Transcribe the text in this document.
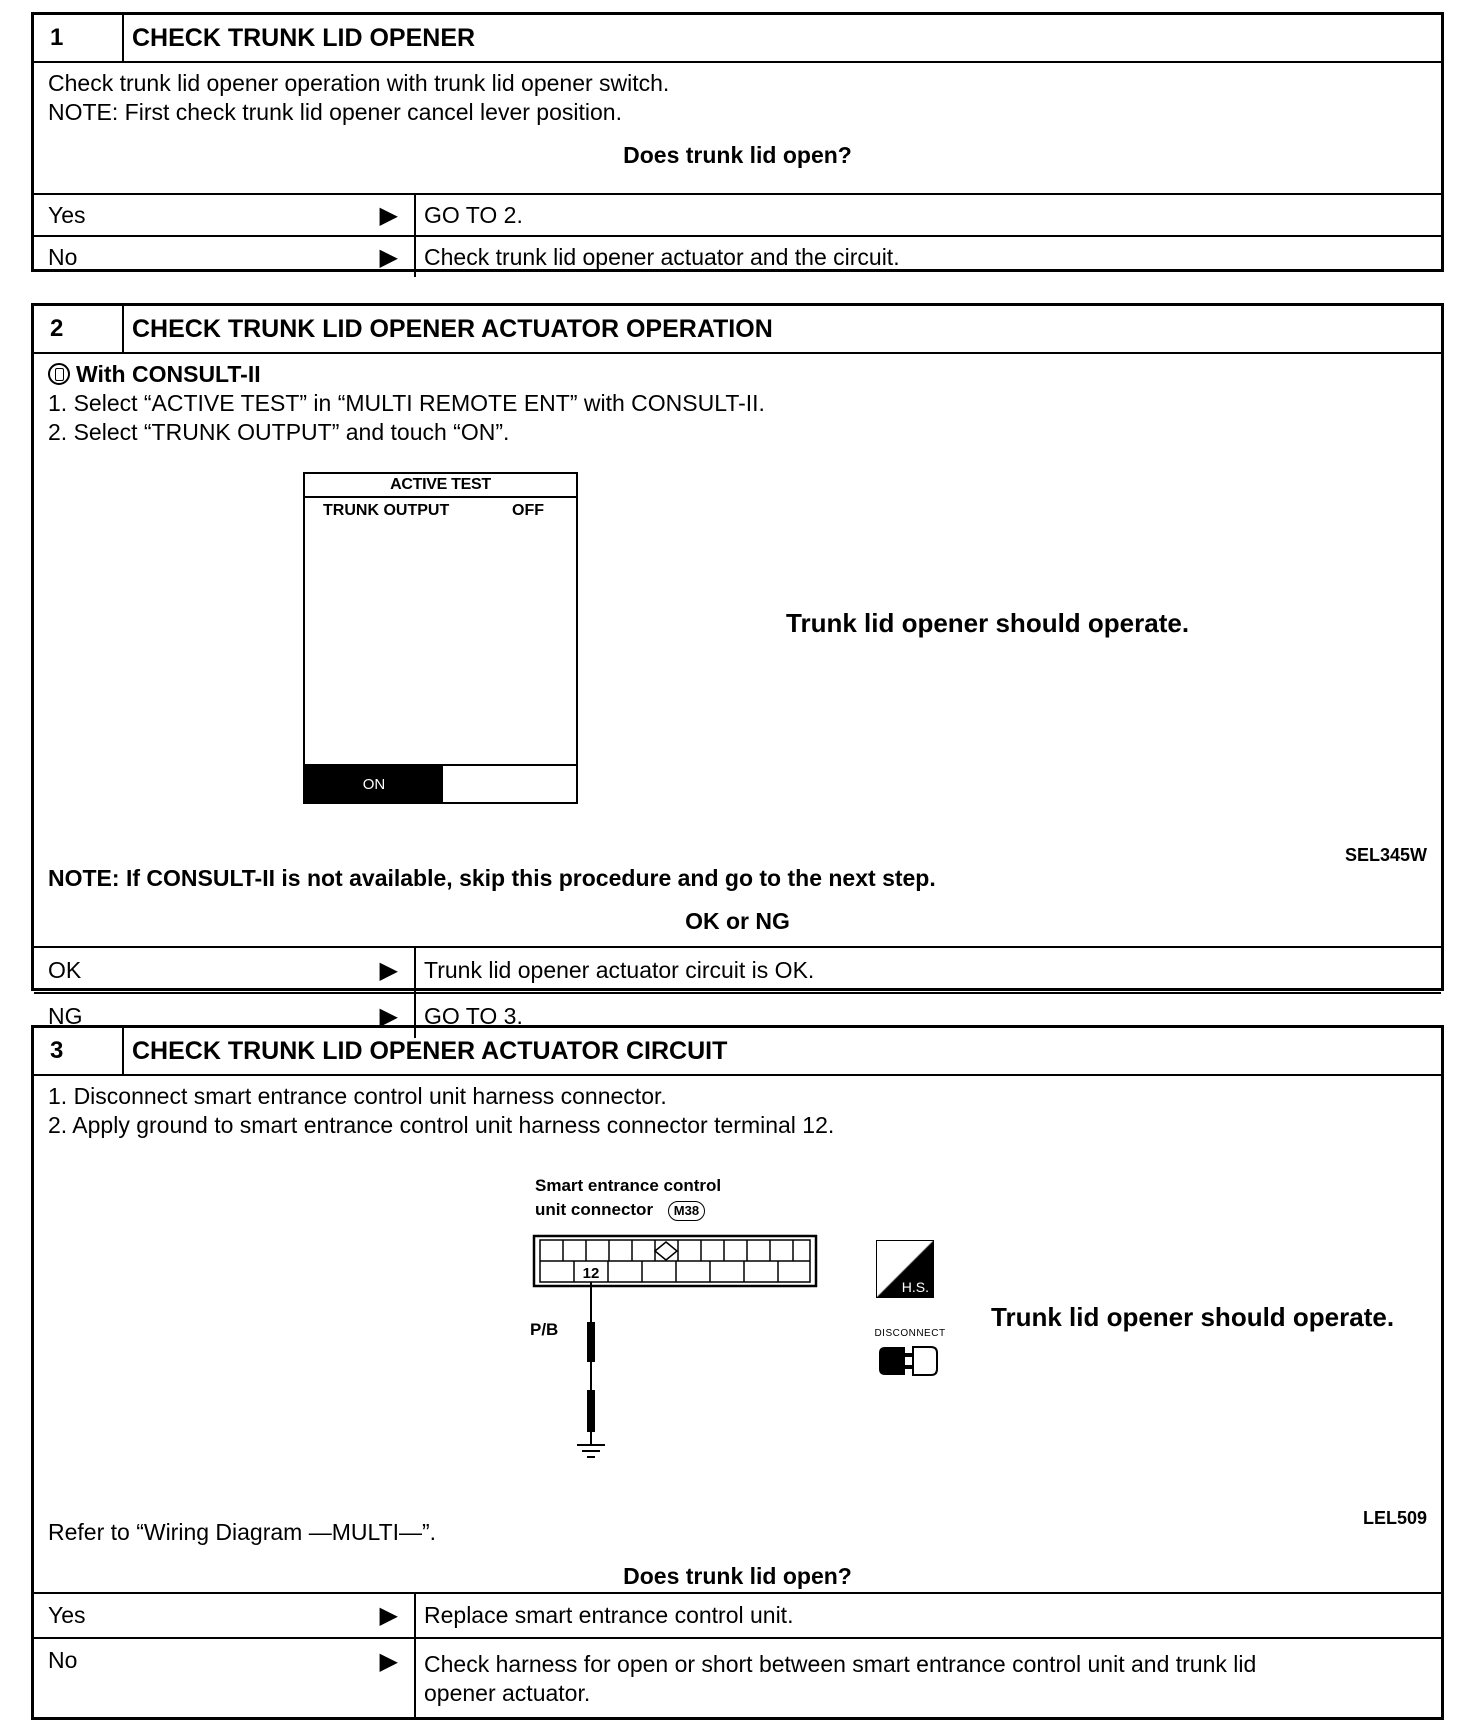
1	CHECK TRUNK LID OPENER
Check trunk lid opener operation with trunk lid opener switch.
NOTE: First check trunk lid opener cancel lever position.
Does trunk lid open?
Yes	▶	GO TO 2.
No	▶	Check trunk lid opener actuator and the circuit.
2	CHECK TRUNK LID OPENER ACTUATOR OPERATION
With CONSULT-II
1. Select “ACTIVE TEST” in “MULTI REMOTE ENT” with CONSULT-II.
2. Select “TRUNK OUTPUT” and touch “ON”.
SEL345W
NOTE: If CONSULT-II is not available, skip this procedure and go to the next step.
OK or NG
Trunk lid opener should operate.
OK	▶	Trunk lid opener actuator circuit is OK.
NG	▶	GO TO 3.
ACTIVE TEST
TRUNK OUTPUT	OFF
ON
3	CHECK TRUNK LID OPENER ACTUATOR CIRCUIT
1. Disconnect smart entrance control unit harness connector.
2. Apply ground to smart entrance control unit harness connector terminal 12.
LEL509
Refer to “Wiring Diagram —MULTI—”.
Does trunk lid open?
Yes	▶	Replace smart entrance control unit.
No	▶ Check harness for open or short between smart entrance control unit and trunk lid
opener actuator.
Smart entrance control
unit connector M38
12
P/B
H.S.
DISCONNECT
Trunk lid opener should operate.
